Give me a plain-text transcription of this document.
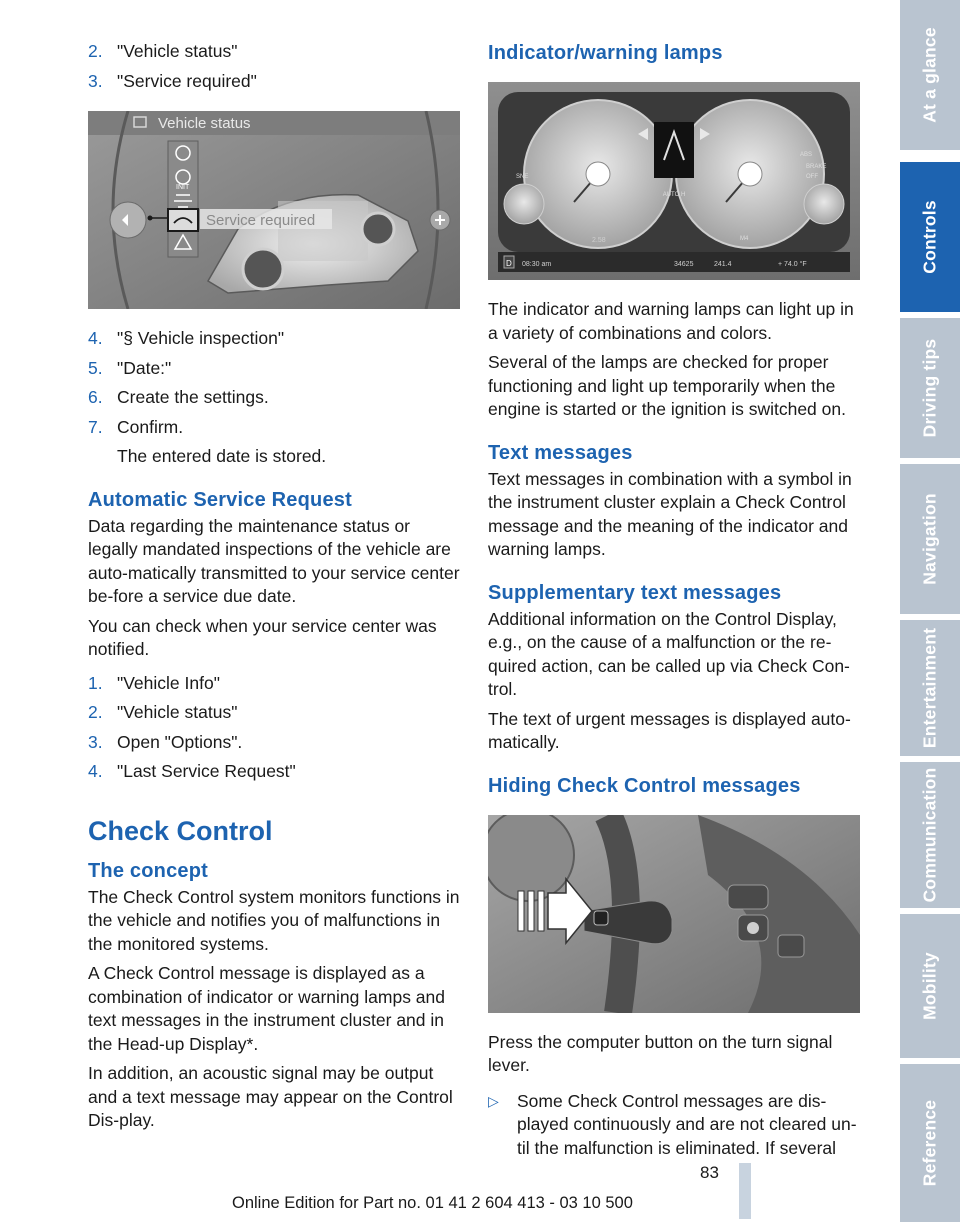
2. "Vehicle status"
3. "Service required"
Vehicle status
INIT
Service required
4. "§ Vehicle inspection"
5. "Date:"
6. Create the settings.
7. Confirm.
The entered date is stored.
Automatic Service Request

Data regarding the maintenance status or legally mandated inspections of the vehicle are auto-matically transmitted to your service center be-fore a service due date.

You can check when your service center was notified.

1. "Vehicle Info"
2. "Vehicle status"
3. Open "Options".
4. "Last Service Request"
Check Control
The concept

The Check Control system monitors functions in the vehicle and notifies you of malfunctions in the monitored systems.

A Check Control message is displayed as a combination of indicator or warning lamps and text messages in the instrument cluster and in the Head-up Display*.

In addition, an acoustic signal may be output and a text message may appear on the Control Dis-play.

Indicator/warning lamps
AUTO H
BRAKE
OFF
ABS
M4
SNE
08:30 am
2.58
34625	241.4	+ 74.0 °F
D

The indicator and warning lamps can light up in a variety of combinations and colors.

Several of the lamps are checked for proper functioning and light up temporarily when the engine is started or the ignition is switched on.

Text messages

Text messages in combination with a symbol in the instrument cluster explain a Check Control message and the meaning of the indicator and warning lamps.

Supplementary text messages

Additional information on the Control Display, e.g., on the cause of a malfunction or the re-quired action, can be called up via Check Con-trol.

The text of urgent messages is displayed auto-matically.

Hiding Check Control messages

Press the computer button on the turn signal lever.

▷	Some Check Control messages are dis-played continuously and are not cleared un-til the malfunction is eliminated. If several
At a glance
Controls
Driving tips
Navigation
Entertainment
Communication
Mobility
Reference
83
Online Edition for Part no. 01 41 2 604 413 - 03 10 500
